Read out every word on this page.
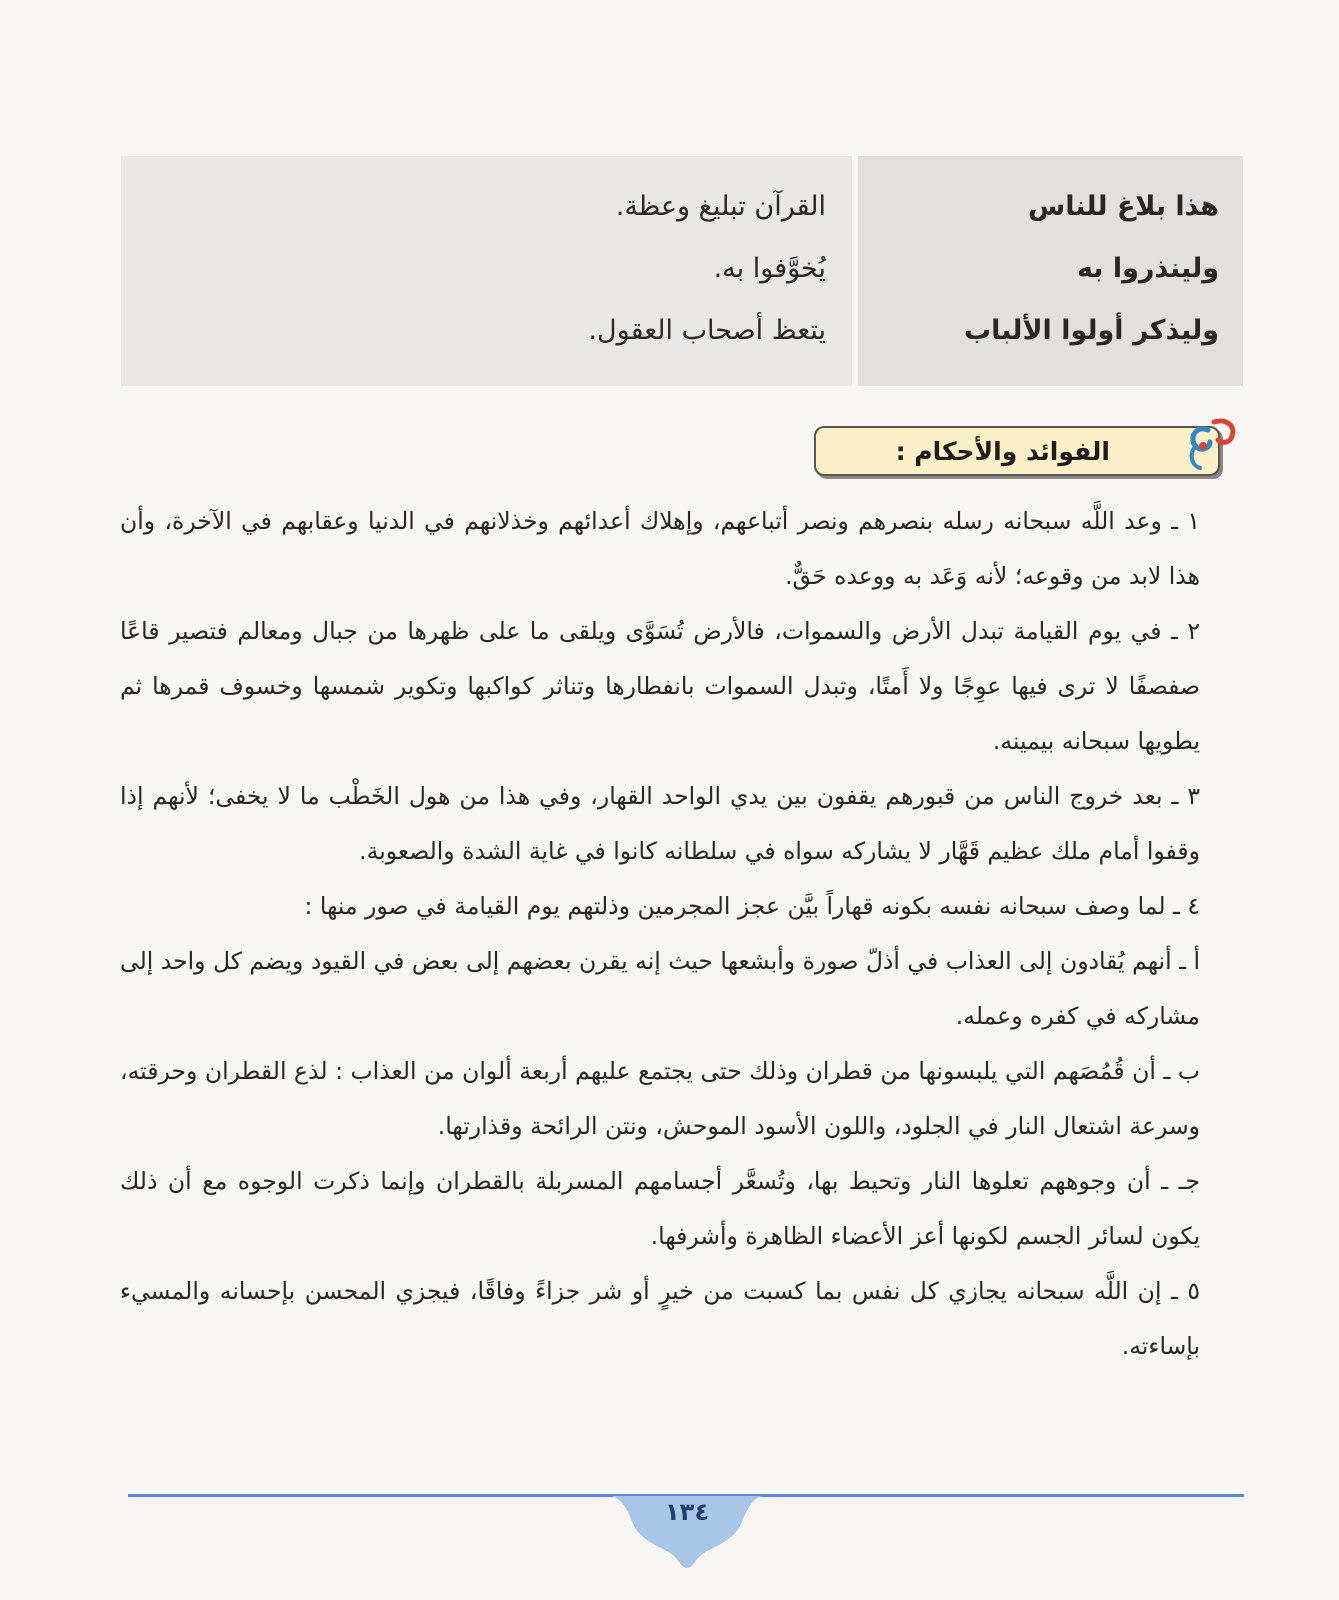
هذا بلاغ للناس
ولينذروا به
وليذكر أولوا الألباب
القرآن تبليغ وعظة.
يُخوَّفوا به.
يتعظ أصحاب العقول.
الفوائد والأحكام :

١ ـ وعد اللَّه سبحانه رسله بنصرهم ونصر أتباعهم، وإهلاك أعدائهم وخذلانهم في الدنيا وعقابهم في الآخرة، وأن هذا لابد من وقوعه؛ لأنه وَعَد به ووعده حَقٌّ.

٢ ـ في يوم القيامة تبدل الأرض والسموات، فالأرض تُسَوَّى ويلقى ما على ظهرها من جبال ومعالم فتصير قاعًا صفصفًا لا ترى فيها عوِجًا ولا أَمتًا، وتبدل السموات بانفطارها وتناثر كواكبها وتكوير شمسها وخسوف قمرها ثم يطويها سبحانه بيمينه.

٣ ـ بعد خروج الناس من قبورهم يقفون بين يدي الواحد القهار، وفي هذا من هول الخَطْب ما لا يخفى؛ لأنهم إذا وقفوا أمام ملك عظيم قَهَّار لا يشاركه سواه في سلطانه كانوا في غاية الشدة والصعوبة.

٤ ـ لما وصف سبحانه نفسه بكونه قهاراً بيَّن عجز المجرمين وذلتهم يوم القيامة في صور منها :

أ ـ أنهم يُقادون إلى العذاب في أذلّ صورة وأبشعها حيث إنه يقرن بعضهم إلى بعض في القيود ويضم كل واحد إلى مشاركه في كفره وعمله.

ب ـ أن قُمُصَهم التي يلبسونها من قطران وذلك حتى يجتمع عليهم أربعة ألوان من العذاب : لذع القطران وحرقته، وسرعة اشتعال النار في الجلود، واللون الأسود الموحش، ونتن الرائحة وقذارتها.

جـ ـ أن وجوههم تعلوها النار وتحيط بها، وتُسعَّر أجسامهم المسربلة بالقطران وإنما ذكرت الوجوه مع أن ذلك يكون لسائر الجسم لكونها أعز الأعضاء الظاهرة وأشرفها.

٥ ـ إن اللَّه سبحانه يجازي كل نفس بما كسبت من خيرٍ أو شر جزاءً وفاقًا، فيجزي المحسن بإحسانه والمسيء بإساءته.

١٣٤
